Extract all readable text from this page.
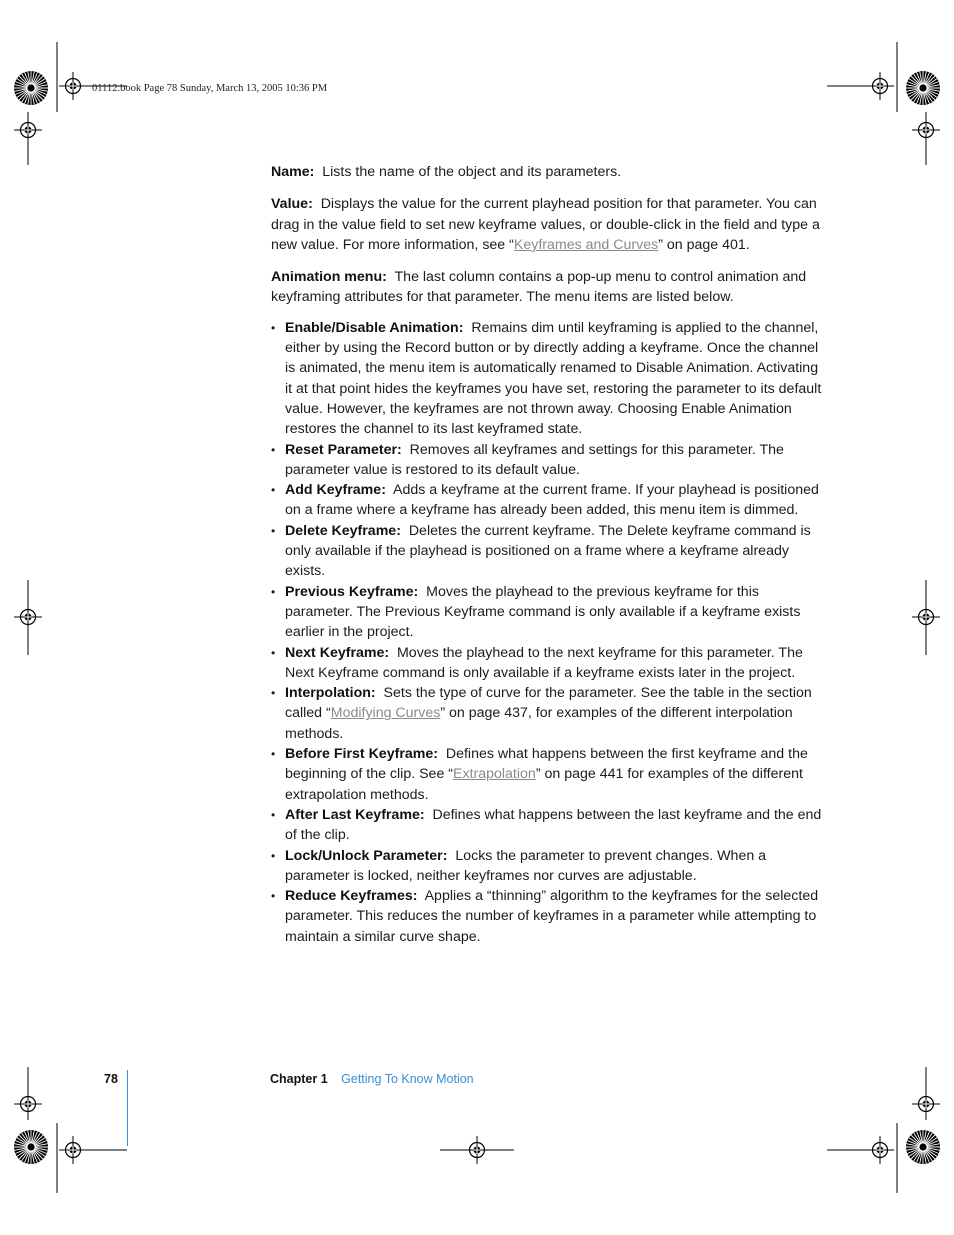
01112.book Page 78 Sunday, March 13, 2005 10:36 PM

Name: Lists the name of the object and its parameters.

Value: Displays the value for the current playhead position for that parameter. You can drag in the value field to set new keyframe values, or double-click in the field and type a new value. For more information, see “Keyframes and Curves” on page 401.

Animation menu: The last column contains a pop-up menu to control animation and keyframing attributes for that parameter. The menu items are listed below.

• Enable/Disable Animation: Remains dim until keyframing is applied to the channel, either by using the Record button or by directly adding a keyframe. Once the channel is animated, the menu item is automatically renamed to Disable Animation. Activating it at that point hides the keyframes you have set, restoring the parameter to its default value. However, the keyframes are not thrown away. Choosing Enable Animation restores the channel to its last keyframed state.
• Reset Parameter: Removes all keyframes and settings for this parameter. The parameter value is restored to its default value.
• Add Keyframe: Adds a keyframe at the current frame. If your playhead is positioned on a frame where a keyframe has already been added, this menu item is dimmed.
• Delete Keyframe: Deletes the current keyframe. The Delete keyframe command is only available if the playhead is positioned on a frame where a keyframe already exists.
• Previous Keyframe: Moves the playhead to the previous keyframe for this parameter. The Previous Keyframe command is only available if a keyframe exists earlier in the project.
• Next Keyframe: Moves the playhead to the next keyframe for this parameter. The Next Keyframe command is only available if a keyframe exists later in the project.
• Interpolation: Sets the type of curve for the parameter. See the table in the section called “Modifying Curves” on page 437, for examples of the different interpolation methods.
• Before First Keyframe: Defines what happens between the first keyframe and the beginning of the clip. See “Extrapolation” on page 441 for examples of the different extrapolation methods.
• After Last Keyframe: Defines what happens between the last keyframe and the end of the clip.
• Lock/Unlock Parameter: Locks the parameter to prevent changes. When a parameter is locked, neither keyframes nor curves are adjustable.
• Reduce Keyframes: Applies a “thinning” algorithm to the keyframes for the selected parameter. This reduces the number of keyframes in a parameter while attempting to maintain a similar curve shape.
78	Chapter 1 Getting To Know Motion
